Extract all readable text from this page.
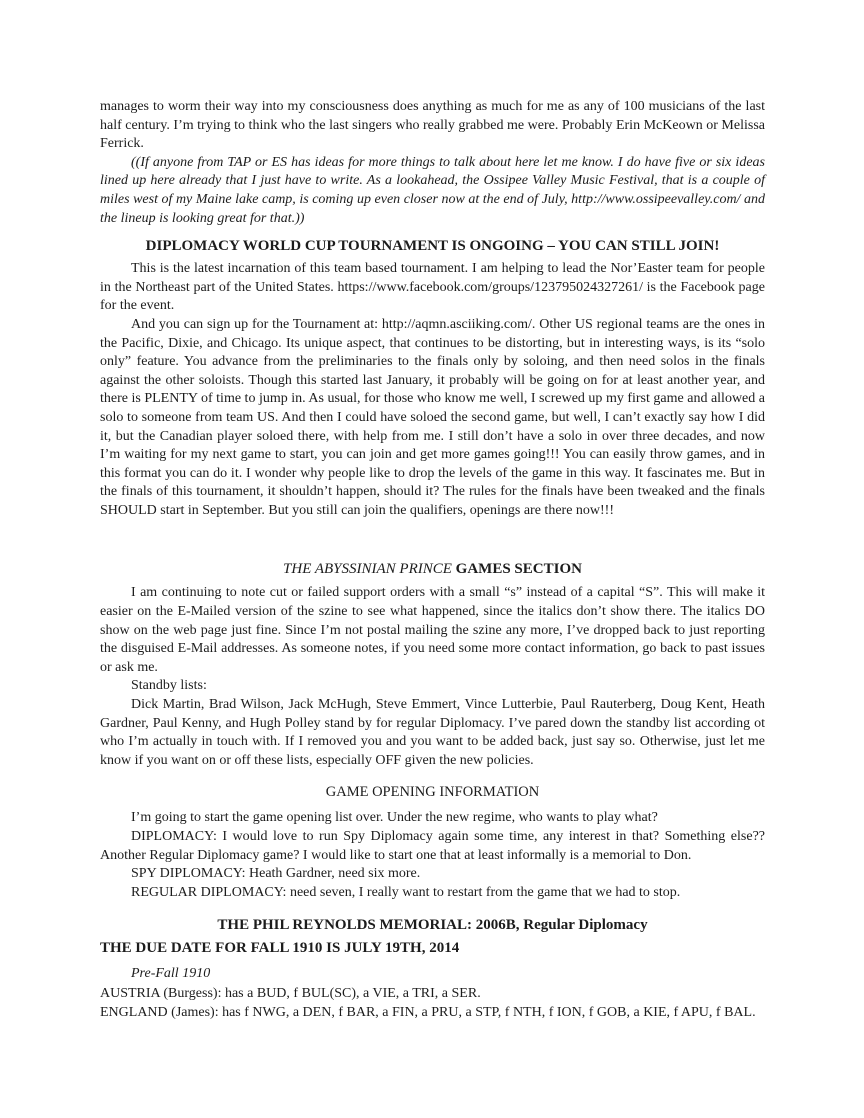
manages to worm their way into my consciousness does anything as much for me as any of 100 musicians of the last half century. I’m trying to think who the last singers who really grabbed me were. Probably Erin McKeown or Melissa Ferrick.

((If anyone from TAP or ES has ideas for more things to talk about here let me know. I do have five or six ideas lined up here already that I just have to write. As a lookahead, the Ossipee Valley Music Festival, that is a couple of miles west of my Maine lake camp, is coming up even closer now at the end of July, http://www.ossipeevalley.com/ and the lineup is looking great for that.))

DIPLOMACY WORLD CUP TOURNAMENT IS ONGOING – YOU CAN STILL JOIN!

This is the latest incarnation of this team based tournament. I am helping to lead the Nor’Easter team for people in the Northeast part of the United States. https://www.facebook.com/groups/123795024327261/ is the Facebook page for the event.

And you can sign up for the Tournament at: http://aqmn.asciiking.com/. Other US regional teams are the ones in the Pacific, Dixie, and Chicago. Its unique aspect, that continues to be distorting, but in interesting ways, is its “solo only” feature. You advance from the preliminaries to the finals only by soloing, and then need solos in the finals against the other soloists. Though this started last January, it probably will be going on for at least another year, and there is PLENTY of time to jump in. As usual, for those who know me well, I screwed up my first game and allowed a solo to someone from team US. And then I could have soloed the second game, but well, I can’t exactly say how I did it, but the Canadian player soloed there, with help from me. I still don’t have a solo in over three decades, and now I’m waiting for my next game to start, you can join and get more games going!!! You can easily throw games, and in this format you can do it. I wonder why people like to drop the levels of the game in this way. It fascinates me. But in the finals of this tournament, it shouldn’t happen, should it? The rules for the finals have been tweaked and the finals SHOULD start in September. But you still can join the qualifiers, openings are there now!!!

THE ABYSSINIAN PRINCE GAMES SECTION

I am continuing to note cut or failed support orders with a small “s” instead of a capital “S”. This will make it easier on the E-Mailed version of the szine to see what happened, since the italics don’t show there. The italics DO show on the web page just fine. Since I’m not postal mailing the szine any more, I’ve dropped back to just reporting the disguised E-Mail addresses. As someone notes, if you need some more contact information, go back to past issues or ask me.

Standby lists:

Dick Martin, Brad Wilson, Jack McHugh, Steve Emmert, Vince Lutterbie, Paul Rauterberg, Doug Kent, Heath Gardner, Paul Kenny, and Hugh Polley stand by for regular Diplomacy. I’ve pared down the standby list according ot who I’m actually in touch with. If I removed you and you want to be added back, just say so. Otherwise, just let me know if you want on or off these lists, especially OFF given the new policies.

GAME OPENING INFORMATION

I’m going to start the game opening list over. Under the new regime, who wants to play what?

DIPLOMACY: I would love to run Spy Diplomacy again some time, any interest in that? Something else?? Another Regular Diplomacy game? I would like to start one that at least informally is a memorial to Don.

SPY DIPLOMACY: Heath Gardner, need six more.

REGULAR DIPLOMACY: need seven, I really want to restart from the game that we had to stop.

THE PHIL REYNOLDS MEMORIAL: 2006B, Regular Diplomacy
THE DUE DATE FOR FALL 1910 IS JULY 19TH, 2014

Pre-Fall 1910

AUSTRIA (Burgess): has a BUD, f BUL(SC), a VIE, a TRI, a SER.

ENGLAND (James): has f NWG, a DEN, f BAR, a FIN, a PRU, a STP, f NTH, f ION, f GOB, a KIE, f APU, f BAL.
